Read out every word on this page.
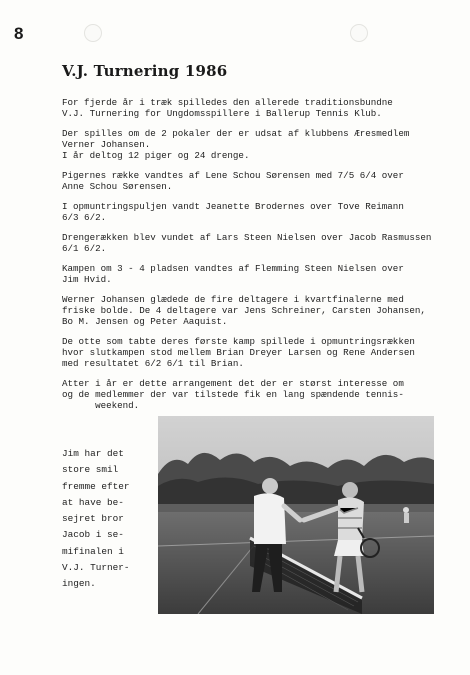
8
V.J. Turnering 1986

For fjerde år i træk spilledes den allerede traditionsbundne
V.J. Turnering for Ungdomsspillere i Ballerup Tennis Klub.

Der spilles om de 2 pokaler der er udsat af klubbens Æresmedlem
Verner Johansen.
I år deltog 12 piger og 24 drenge.

Pigernes række vandtes af Lene Schou Sørensen med 7/5 6/4 over
Anne Schou Sørensen.

I opmuntringspuljen vandt Jeanette Brodernes over Tove Reimann
6/3 6/2.

Drengerækken blev vundet af Lars Steen Nielsen over Jacob Rasmussen
6/1 6/2.

Kampen om 3 - 4 pladsen vandtes af Flemming Steen Nielsen over
Jim Hvid.

Werner Johansen glædede de fire deltagere i kvartfinalerne med
friske bolde. De 4 deltagere var Jens Schreiner, Carsten Johansen,
Bo M. Jensen og Peter Aaquist.

De otte som tabte deres første kamp spillede i opmuntringsrækken
hvor slutkampen stod mellem Brian Dreyer Larsen og Rene Andersen
med resultatet 6/2 6/1 til Brian.

Atter i år er dette arrangement det der er størst interesse om
og de medlemmer der var tilstede fik en lang spændende tennis-
weekend.

Jim har det
store smil
fremme efter
at have be-
sejret bror
Jacob i se-
mifinalen i
V.J. Turner-
ingen.
